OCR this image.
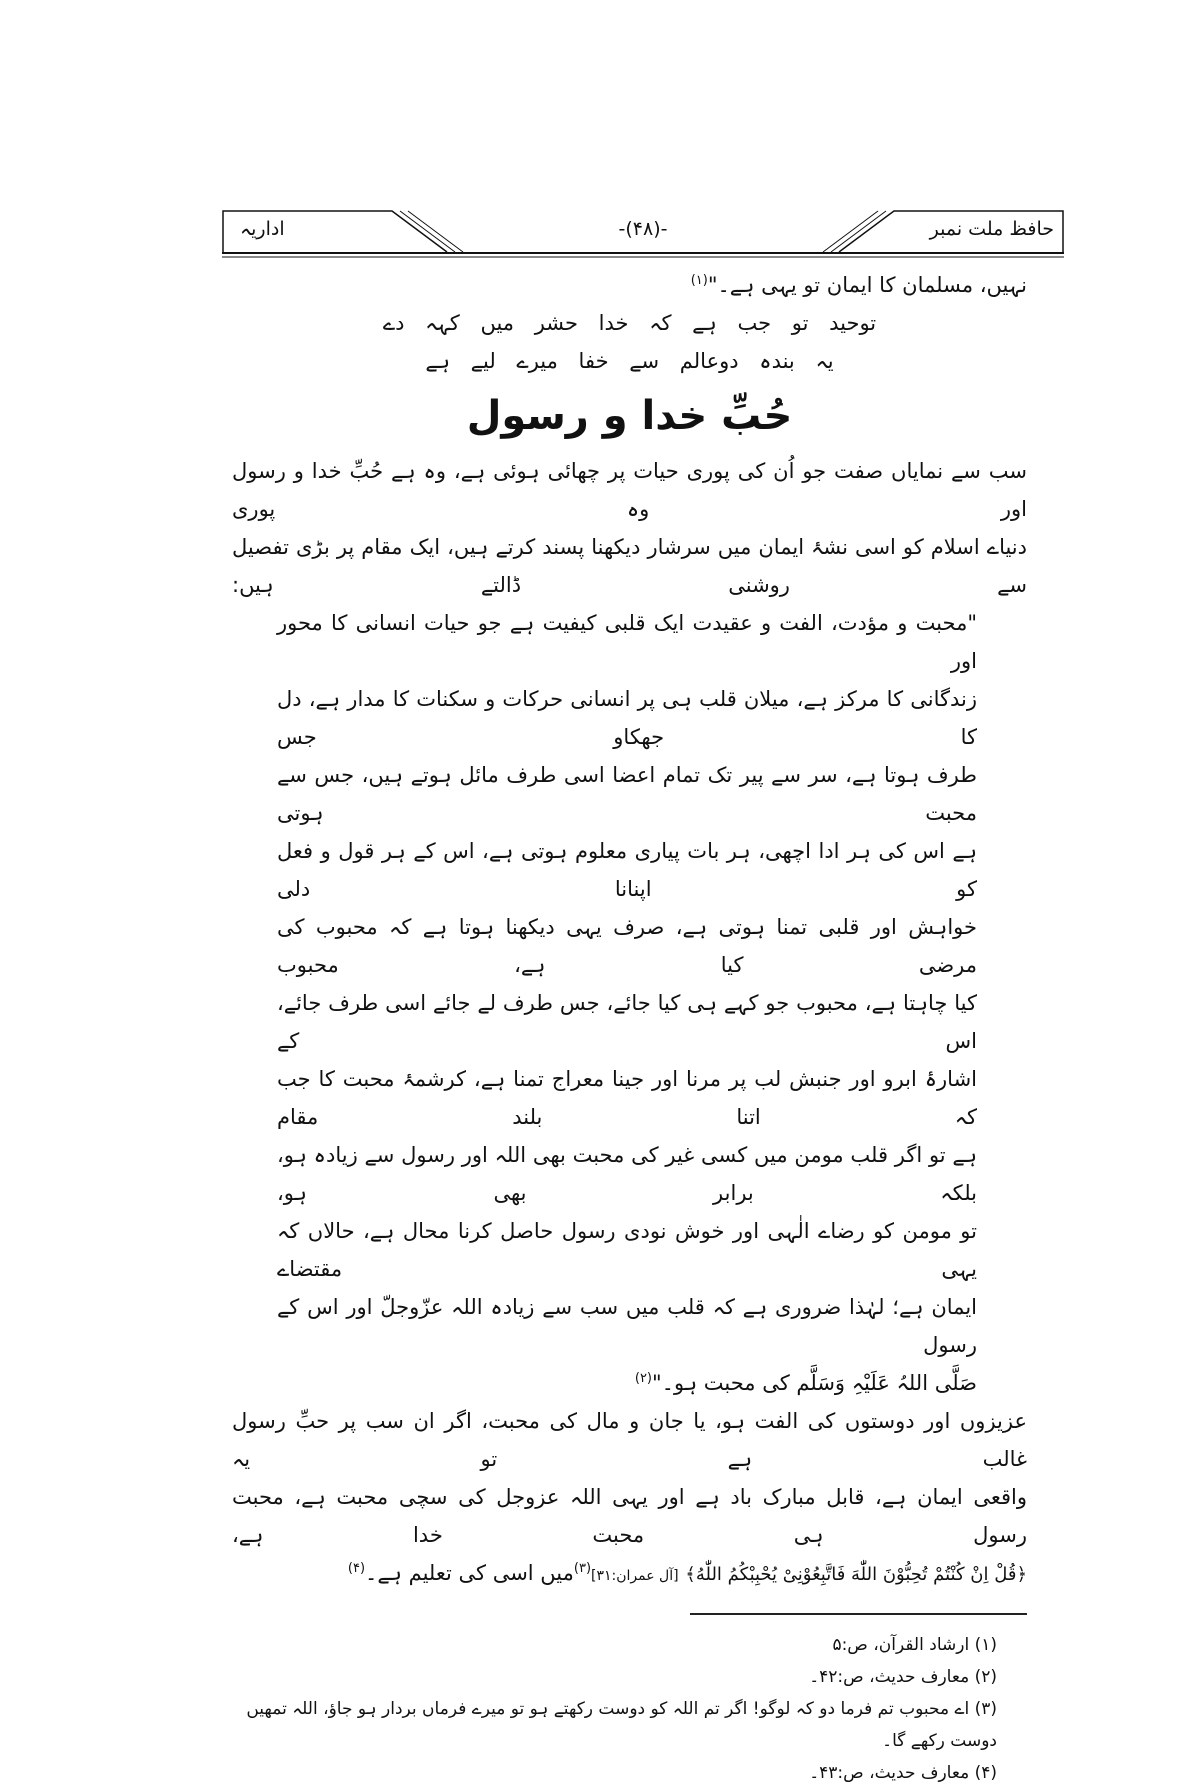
حافظ ملت نمبر
-(۴۸)-
اداریہ
نہیں، مسلمان کا ایمان تو یہی ہے۔"$^{(۱)}$
توحید تو جب ہے کہ خدا حشر میں کہہ دے
یہ بندہ دوعالم سے خفا میرے لیے ہے
حُبِّ خدا و رسول
سب سے نمایاں صفت جو اُن کی پوری حیات پر چھائی ہوئی ہے، وہ ہے حُبِّ خدا و رسول اور وہ پوری
دنیاے اسلام کو اسی نشۂ ایمان میں سرشار دیکھنا پسند کرتے ہیں، ایک مقام پر بڑی تفصیل سے روشنی ڈالتے ہیں:
"محبت و مؤدت، الفت و عقیدت ایک قلبی کیفیت ہے جو حیات انسانی کا محور اور
زندگانی کا مرکز ہے، میلان قلب ہی پر انسانی حرکات و سکنات کا مدار ہے، دل کا جھکاو جس
طرف ہوتا ہے، سر سے پیر تک تمام اعضا اسی طرف مائل ہوتے ہیں، جس سے محبت ہوتی
ہے اس کی ہر ادا اچھی، ہر بات پیاری معلوم ہوتی ہے، اس کے ہر قول و فعل کو اپنانا دلی
خواہش اور قلبی تمنا ہوتی ہے، صرف یہی دیکھنا ہوتا ہے کہ محبوب کی مرضی کیا ہے، محبوب
کیا چاہتا ہے، محبوب جو کہے ہی کیا جائے، جس طرف لے جائے اسی طرف جائے، اس کے
اشارۂ ابرو اور جنبش لب پر مرنا اور جینا معراج تمنا ہے، کرشمۂ محبت کا جب کہ اتنا بلند مقام
ہے تو اگر قلب مومن میں کسی غیر کی محبت بھی اللہ اور رسول سے زیادہ ہو، بلکہ برابر بھی ہو،
تو مومن کو رضاے الٰہی اور خوش نودی رسول حاصل کرنا محال ہے، حالاں کہ یہی مقتضاے
ایمان ہے؛ لہٰذا ضروری ہے کہ قلب میں سب سے زیادہ اللہ عزّوجلّ اور اس کے رسول
صَلَّی اللہُ عَلَیْہِ وَسَلَّم کی محبت ہو۔"$^{(۲)}$
عزیزوں اور دوستوں کی الفت ہو، یا جان و مال کی محبت، اگر ان سب پر حبِّ رسول غالب ہے تو یہ
واقعی ایمان ہے، قابل مبارک باد ہے اور یہی اللہ عزوجل کی سچی محبت ہے، محبت رسول ہی محبت خدا ہے،
﴿قُلْ اِنْ كُنْتُمْ تُحِبُّوْنَ اللّٰهَ فَاتَّبِعُوْنِیْ یُحْبِبْكُمُ اللّٰهُ﴾ [آل عمران:۳۱]$^{(۳)}$میں اسی کی تعلیم ہے۔$^{(۴)}$
(۱) ارشاد القرآن، ص:۵
(۲) معارف حدیث، ص:۴۲۔
(۳) اے محبوب تم فرما دو کہ لوگو! اگر تم اللہ کو دوست رکھتے ہو تو میرے فرماں بردار ہو جاؤ، اللہ تمھیں دوست رکھے گا۔
(۴) معارف حدیث، ص:۴۳۔
